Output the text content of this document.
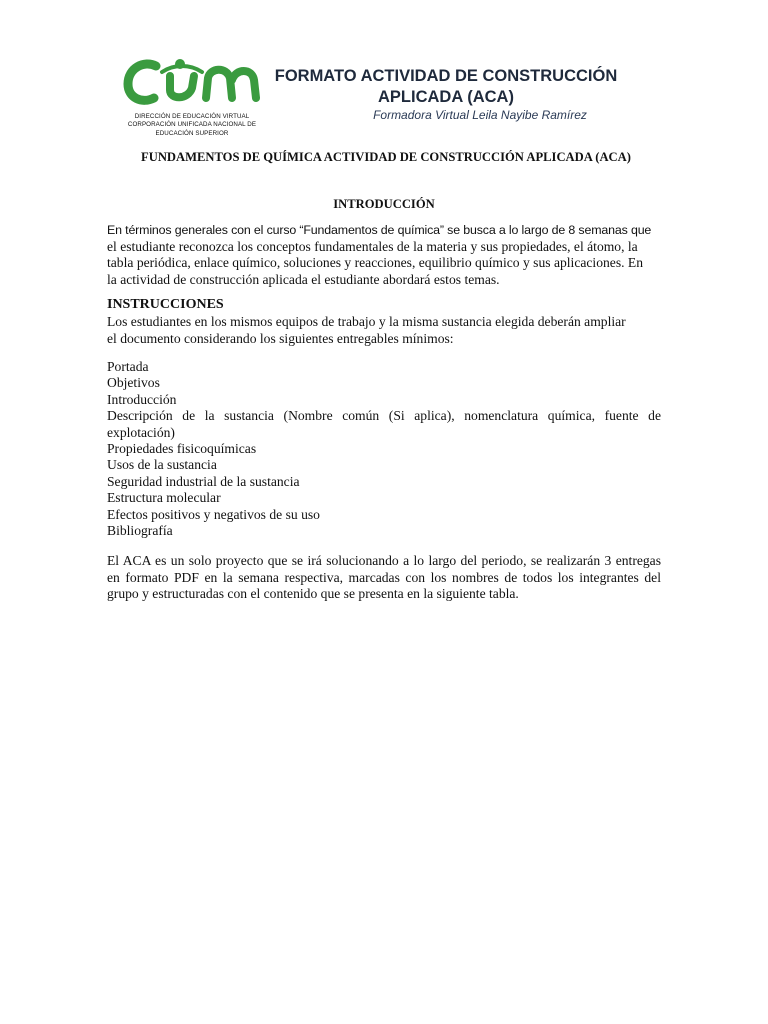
DIRECCIÓN DE EDUCACIÓN VIRTUAL
CORPORACIÓN UNIFICADA NACIONAL DE
EDUCACIÓN SUPERIOR
FORMATO ACTIVIDAD DE CONSTRUCCIÓN
APLICADA (ACA)
Formadora Virtual Leila Nayibe Ramírez
FUNDAMENTOS DE QUÍMICA ACTIVIDAD DE CONSTRUCCIÓN APLICADA (ACA)
INTRODUCCIÓN
En términos generales con el curso “Fundamentos de química” se busca a lo largo de 8 semanas que
el estudiante reconozca los conceptos fundamentales de la materia y sus propiedades, el átomo, la
tabla periódica, enlace químico, soluciones y reacciones, equilibrio químico y sus aplicaciones. En
la actividad de construcción aplicada el estudiante abordará estos temas.
INSTRUCCIONES
Los estudiantes en los mismos equipos de trabajo y la misma sustancia elegida deberán ampliar
el documento considerando los siguientes entregables mínimos:
Portada
Objetivos
Introducción
Descripción de la sustancia (Nombre común (Si aplica), nomenclatura química, fuente de
explotación)
Propiedades fisicoquímicas
Usos de la sustancia
Seguridad industrial de la sustancia
Estructura molecular
Efectos positivos y negativos de su uso
Bibliografía
El ACA es un solo proyecto que se irá solucionando a lo largo del periodo, se realizarán 3 entregas
en formato PDF en la semana respectiva, marcadas con los nombres de todos los integrantes del
grupo y estructuradas con el contenido que se presenta en la siguiente tabla.
